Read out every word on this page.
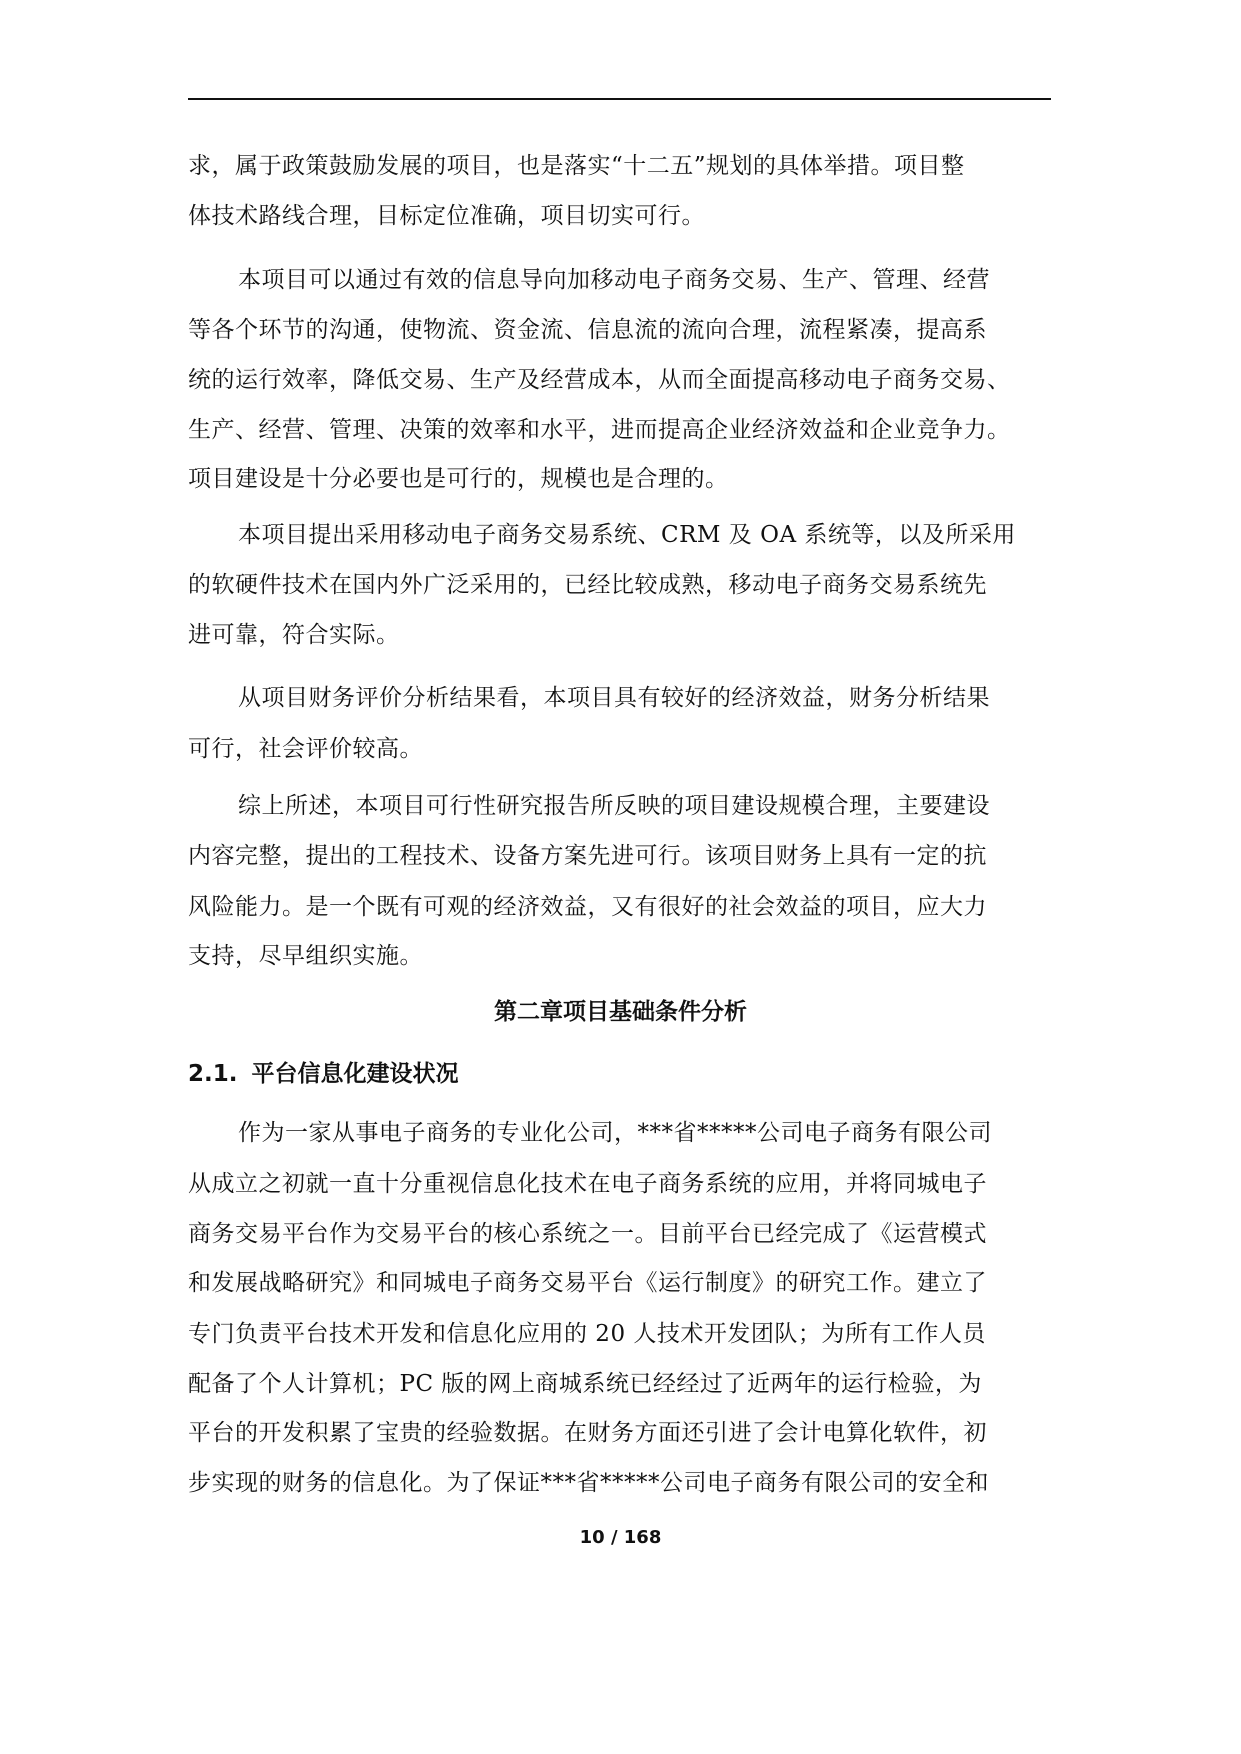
求，属于政策鼓励发展的项目，也是落实“十二五”规划的具体举措。项目整
体技术路线合理，目标定位准确，项目切实可行。
本项目可以通过有效的信息导向加移动电子商务交易、生产、管理、经营
等各个环节的沟通，使物流、资金流、信息流的流向合理，流程紧凑，提高系
统的运行效率，降低交易、生产及经营成本，从而全面提高移动电子商务交易、
生产、经营、管理、决策的效率和水平，进而提高企业经济效益和企业竞争力。
项目建设是十分必要也是可行的，规模也是合理的。
本项目提出采用移动电子商务交易系统、CRM 及 OA 系统等，以及所采用
的软硬件技术在国内外广泛采用的，已经比较成熟，移动电子商务交易系统先
进可靠，符合实际。
从项目财务评价分析结果看，本项目具有较好的经济效益，财务分析结果
可行，社会评价较高。
综上所述，本项目可行性研究报告所反映的项目建设规模合理，主要建设
内容完整，提出的工程技术、设备方案先进可行。该项目财务上具有一定的抗
风险能力。是一个既有可观的经济效益，又有很好的社会效益的项目，应大力
支持，尽早组织实施。
第二章项目基础条件分析
2.1. 平台信息化建设状况
作为一家从事电子商务的专业化公司，***省*****公司电子商务有限公司
从成立之初就一直十分重视信息化技术在电子商务系统的应用，并将同城电子
商务交易平台作为交易平台的核心系统之一。目前平台已经完成了《运营模式
和发展战略研究》和同城电子商务交易平台《运行制度》的研究工作。建立了
专门负责平台技术开发和信息化应用的 20 人技术开发团队；为所有工作人员
配备了个人计算机；PC 版的网上商城系统已经经过了近两年的运行检验，为
平台的开发积累了宝贵的经验数据。在财务方面还引进了会计电算化软件，初
步实现的财务的信息化。为了保证***省*****公司电子商务有限公司的安全和
10 / 168
